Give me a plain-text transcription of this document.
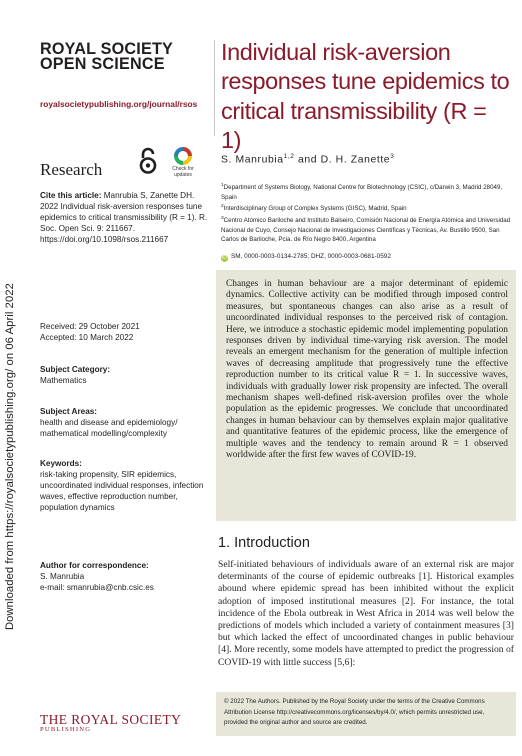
Downloaded from https://royalsocietypublishing.org/ on 06 April 2022
ROYAL SOCIETY
OPEN SCIENCE
royalsocietypublishing.org/journal/rsos
Research	Check for
updates
Cite this article: Manrubia S, Zanette DH. 2022 Individual risk-aversion responses tune epidemics to critical transmissibility (R = 1). R. Soc. Open Sci. 9: 211667.
https://doi.org/10.1098/rsos.211667
Received: 29 October 2021
Accepted: 10 March 2022
Subject Category:
Mathematics
Subject Areas:
health and disease and epidemiology/ mathematical modelling/complexity
Keywords:
risk-taking propensity, SIR epidemics, uncoordinated individual responses, infection waves, effective reproduction number, population dynamics
Author for correspondence:
S. Manrubia
e-mail: smanrubia@cnb.csic.es
THE ROYAL SOCIETY
PUBLISHING
Individual risk-aversion responses tune epidemics to critical transmissibility (R = 1)
S. Manrubia$^{1,2}$ and D. H. Zanette$^3$
$^1$Department of Systems Biology, National Centre for Biotechnology (CSIC), c/Darwin 3, Madrid 28049, Spain
$^2$Interdisciplinary Group of Complex Systems (GISC), Madrid, Spain
$^3$Centro Atómico Bariloche and Instituto Balseiro, Comisión Nacional de Energía Atómica and Universidad Nacional de Cuyo, Consejo Nacional de Investigaciones Científicas y Técnicas, Av. Bustillo 9500, San Carlos de Bariloche, Pcia. de Río Negro 8400, Argentina
iD SM, 0000-0003-0134-2785; DHZ, 0000-0003-0681-0592
Changes in human behaviour are a major determinant of epidemic dynamics. Collective activity can be modified through imposed control measures, but spontaneous changes can also arise as a result of uncoordinated individual responses to the perceived risk of contagion. Here, we introduce a stochastic epidemic model implementing population responses driven by individual time-varying risk aversion. The model reveals an emergent mechanism for the generation of multiple infection waves of decreasing amplitude that progressively tune the effective reproduction number to its critical value R = 1. In successive waves, individuals with gradually lower risk propensity are infected. The overall mechanism shapes well-defined risk-aversion profiles over the whole population as the epidemic progresses. We conclude that uncoordinated changes in human behaviour can by themselves explain major qualitative and quantitative features of the epidemic process, like the emergence of multiple waves and the tendency to remain around R = 1 observed worldwide after the first few waves of COVID-19.
1. Introduction
Self-initiated behaviours of individuals aware of an external risk are major determinants of the course of epidemic outbreaks [1]. Historical examples abound where epidemic spread has been inhibited without the explicit adoption of imposed institutional measures [2]. For instance, the total incidence of the Ebola outbreak in West Africa in 2014 was well below the predictions of models which included a variety of containment measures [3] but which lacked the effect of uncoordinated changes in public behaviour [4]. More recently, some models have attempted to predict the progression of COVID-19 with little success [5,6]:
© 2022 The Authors. Published by the Royal Society under the terms of the Creative Commons Attribution License http://creativecommons.org/licenses/by/4.0/, which permits unrestricted use, provided the original author and source are credited.
